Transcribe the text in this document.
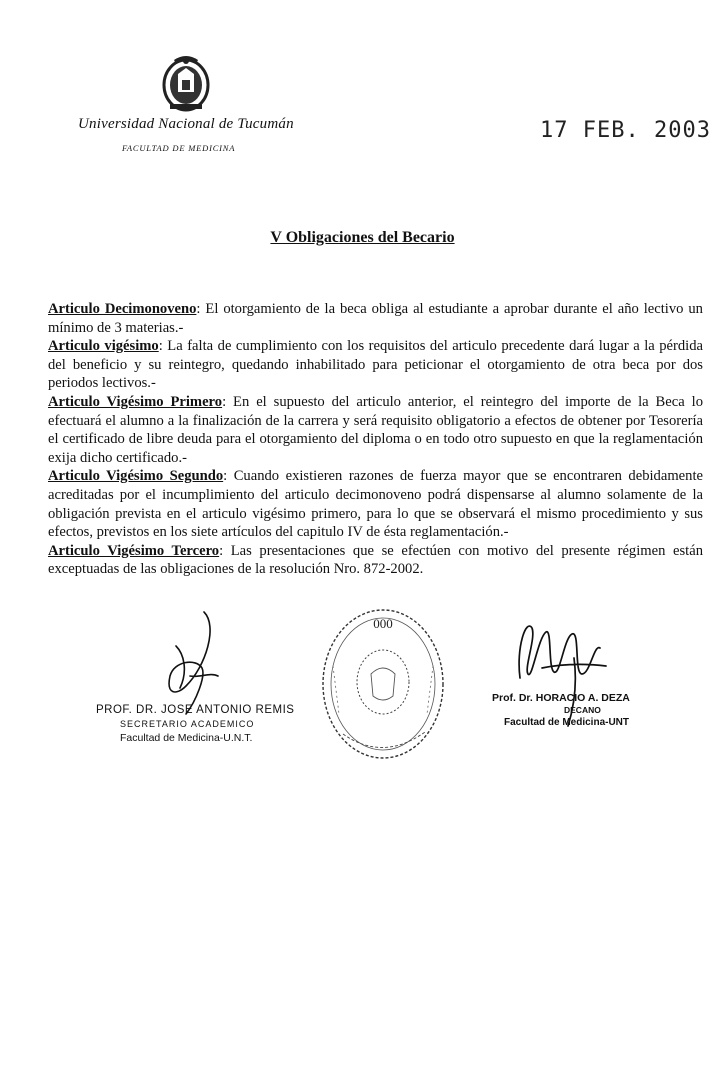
Universidad Nacional de Tucumán
FACULTAD DE MEDICINA
17 FEB. 2003
V Obligaciones del Becario

Articulo Decimonoveno: El otorgamiento de la beca obliga al estudiante a aprobar durante el año lectivo un mínimo de 3 materias.-

Articulo vigésimo: La falta de cumplimiento con los requisitos del articulo precedente dará lugar a la pérdida del beneficio y su reintegro, quedando inhabilitado para peticionar el otorgamiento de otra beca por dos periodos lectivos.-

Articulo Vigésimo Primero: En el supuesto del articulo anterior, el reintegro del importe de la Beca lo efectuará el alumno a la finalización de la carrera y será requisito obligatorio a efectos de obtener por Tesorería el certificado de libre deuda para el otorgamiento del diploma o en todo otro supuesto en que la reglamentación exija dicho certificado.-

Articulo Vigésimo Segundo: Cuando existieren razones de fuerza mayor que se encontraren debidamente acreditadas por el incumplimiento del articulo decimonoveno podrá dispensarse al alumno solamente de la obligación prevista en el articulo vigésimo primero, para lo que se observará el mismo procedimiento y sus efectos, previstos en los siete artículos del capitulo IV de ésta reglamentación.-

Articulo Vigésimo Tercero: Las presentaciones que se efectúen con motivo del presente régimen están exceptuadas de las obligaciones de la resolución Nro. 872-2002.

PROF. DR. JOSE ANTONIO REMIS
SECRETARIO ACADEMICO
Facultad de Medicina-U.N.T.
000
Prof. Dr. HORACIO A. DEZA
DECANO
Facultad de Medicina-UNT
